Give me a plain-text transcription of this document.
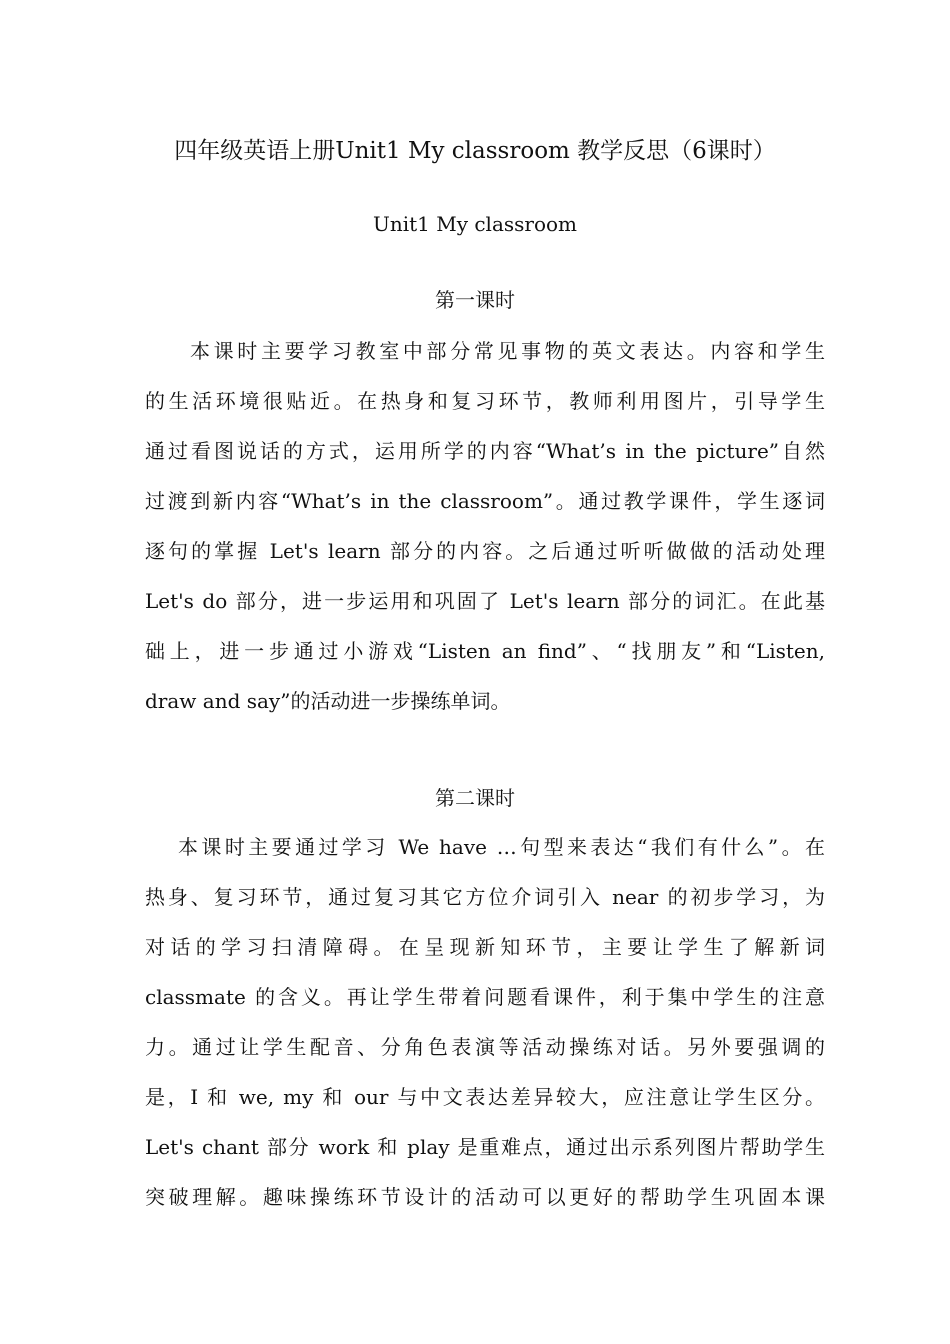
四年级英语上册Unit1 My classroom 教学反思（6课时）
Unit1 My classroom
第一课时
本课时主要学习教室中部分常见事物的英文表达。内容和学生
的生活环境很贴近。在热身和复习环节，教师利用图片，引导学生
通过看图说话的方式，运用所学的内容“What’s in the picture”自然
过渡到新内容“What’s in the classroom”。通过教学课件，学生逐词
逐句的掌握 Let's learn 部分的内容。之后通过听听做做的活动处理
Let's do 部分，进一步运用和巩固了 Let's learn 部分的词汇。在此基
础上，进一步通过小游戏“Listen an find”、“找朋友”和“Listen,
draw and say”的活动进一步操练单词。
第二课时
本课时主要通过学习 We have …句型来表达“我们有什么”。在
热身、复习环节，通过复习其它方位介词引入 near 的初步学习，为
对话的学习扫清障碍。在呈现新知环节，主要让学生了解新词
classmate 的含义。再让学生带着问题看课件，利于集中学生的注意
力。通过让学生配音、分角色表演等活动操练对话。另外要强调的
是，I 和 we, my 和 our 与中文表达差异较大，应注意让学生区分。
Let's chant 部分 work 和 play 是重难点，通过出示系列图片帮助学生
突破理解。趣味操练环节设计的活动可以更好的帮助学生巩固本课
